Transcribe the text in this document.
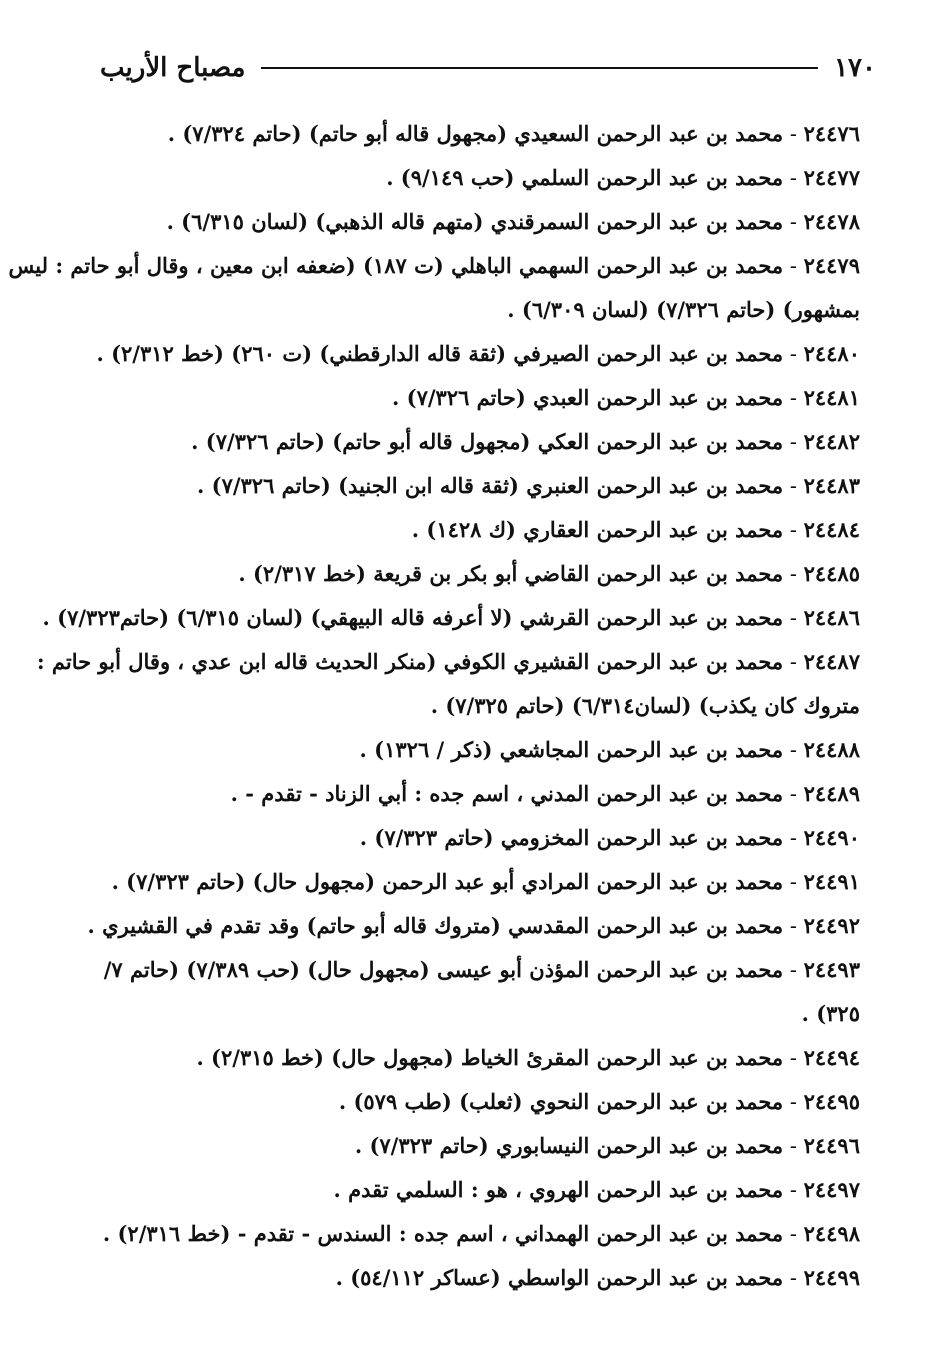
١٧٠
مصباح الأريب
٢٤٤٧٦ - محمد بن عبد الرحمن السعيدي (مجهول قاله أبو حاتم) (حاتم ٧/٣٢٤) .
٢٤٤٧٧ - محمد بن عبد الرحمن السلمي (حب ٩/١٤٩) .
٢٤٤٧٨ - محمد بن عبد الرحمن السمرقندي (متهم قاله الذهبي) (لسان ٦/٣١٥) .
٢٤٤٧٩ - محمد بن عبد الرحمن السهمي الباهلي (ت ١٨٧) (ضعفه ابن معين ، وقال أبو حاتم : ليس
بمشهور) (حاتم ٧/٣٢٦) (لسان ٦/٣٠٩) .
٢٤٤٨٠ - محمد بن عبد الرحمن الصيرفي (ثقة قاله الدارقطني) (ت ٢٦٠) (خط ٢/٣١٢) .
٢٤٤٨١ - محمد بن عبد الرحمن العبدي (حاتم ٧/٣٢٦) .
٢٤٤٨٢ - محمد بن عبد الرحمن العكي (مجهول قاله أبو حاتم) (حاتم ٧/٣٢٦) .
٢٤٤٨٣ - محمد بن عبد الرحمن العنبري (ثقة قاله ابن الجنيد) (حاتم ٧/٣٢٦) .
٢٤٤٨٤ - محمد بن عبد الرحمن العقاري (ك ١٤٢٨) .
٢٤٤٨٥ - محمد بن عبد الرحمن القاضي أبو بكر بن قريعة (خط ٢/٣١٧) .
٢٤٤٨٦ - محمد بن عبد الرحمن القرشي (لا أعرفه قاله البيهقي) (لسان ٦/٣١٥) (حاتم٧/٣٢٣) .
٢٤٤٨٧ - محمد بن عبد الرحمن القشيري الكوفي (منكر الحديث قاله ابن عدي ، وقال أبو حاتم :
متروك كان يكذب) (لسان٦/٣١٤) (حاتم ٧/٣٢٥) .
٢٤٤٨٨ - محمد بن عبد الرحمن المجاشعي (ذكر / ١٣٢٦) .
٢٤٤٨٩ - محمد بن عبد الرحمن المدني ، اسم جده : أبي الزناد - تقدم - .
٢٤٤٩٠ - محمد بن عبد الرحمن المخزومي (حاتم ٧/٣٢٣) .
٢٤٤٩١ - محمد بن عبد الرحمن المرادي أبو عبد الرحمن (مجهول حال) (حاتم ٧/٣٢٣) .
٢٤٤٩٢ - محمد بن عبد الرحمن المقدسي (متروك قاله أبو حاتم) وقد تقدم في القشيري .
٢٤٤٩٣ - محمد بن عبد الرحمن المؤذن أبو عيسى (مجهول حال) (حب ٧/٣٨٩) (حاتم ٧/
٣٢٥) .
٢٤٤٩٤ - محمد بن عبد الرحمن المقرئ الخياط (مجهول حال) (خط ٢/٣١٥) .
٢٤٤٩٥ - محمد بن عبد الرحمن النحوي (ثعلب) (طب ٥٧٩) .
٢٤٤٩٦ - محمد بن عبد الرحمن النيسابوري (حاتم ٧/٣٢٣) .
٢٤٤٩٧ - محمد بن عبد الرحمن الهروي ، هو : السلمي تقدم .
٢٤٤٩٨ - محمد بن عبد الرحمن الهمداني ، اسم جده : السندس - تقدم - (خط ٢/٣١٦) .
٢٤٤٩٩ - محمد بن عبد الرحمن الواسطي (عساكر ٥٤/١١٢) .
